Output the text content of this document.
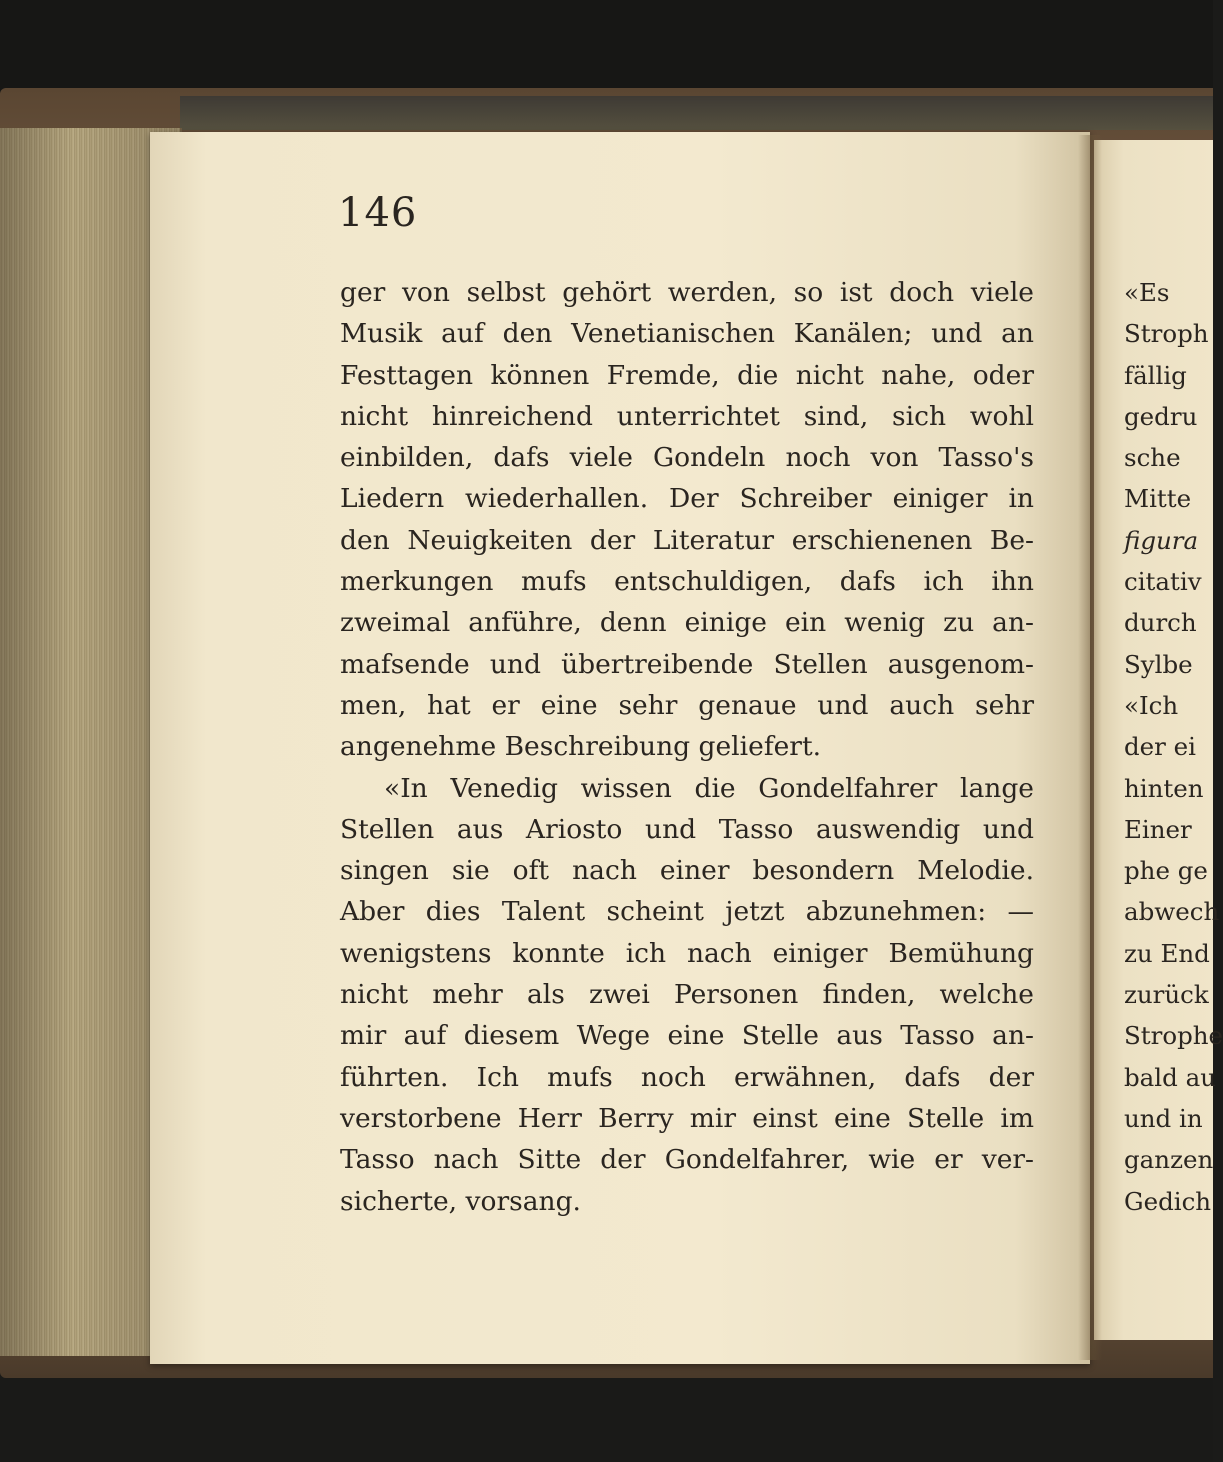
146

ger von selbst gehört werden, so ist doch viele
Musik auf den Venetianischen Kanälen; und an
Festtagen können Fremde, die nicht nahe, oder
nicht hinreichend unterrichtet sind, sich wohl
einbilden, dafs viele Gondeln noch von Tasso's
Liedern wiederhallen. Der Schreiber einiger in
den Neuigkeiten der Literatur erschienenen Be-
merkungen mufs entschuldigen, dafs ich ihn
zweimal anführe, denn einige ein wenig zu an-
mafsende und übertreibende Stellen ausgenom-
men, hat er eine sehr genaue und auch sehr
angenehme Beschreibung geliefert.
«In Venedig wissen die Gondelfahrer lange
Stellen aus Ariosto und Tasso auswendig und
singen sie oft nach einer besondern Melodie.
Aber dies Talent scheint jetzt abzunehmen: —
wenigstens konnte ich nach einiger Bemühung
nicht mehr als zwei Personen finden, welche
mir auf diesem Wege eine Stelle aus Tasso an-
führten. Ich mufs noch erwähnen, dafs der
verstorbene Herr Berry mir einst eine Stelle im
Tasso nach Sitte der Gondelfahrer, wie er ver-
sicherte, vorsang.
«Es
Stroph
fällig
gedru
sche
Mitte
figura
citativ
durch
Sylbe
«Ich
der ei
hinten
Einer
phe ge
abwech
zu End
zurück
Strophe
bald au
und in
ganzen
Gedich
